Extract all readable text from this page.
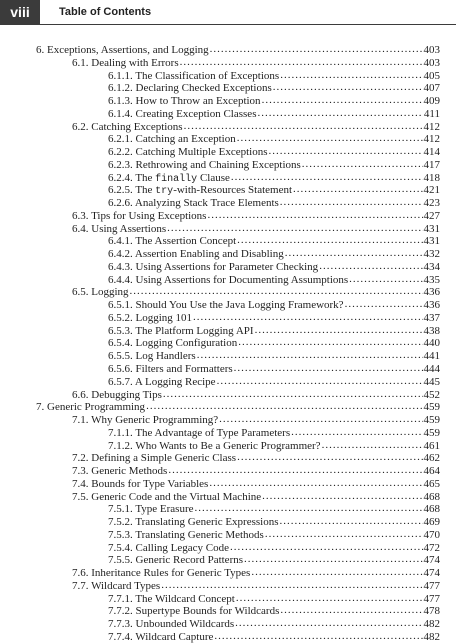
viii	Table of Contents
6. Exceptions, Assertions, and Logging .....	403
6.1. Dealing with Errors .....	403
6.1.1. The Classification of Exceptions .....	405
6.1.2. Declaring Checked Exceptions .....	407
6.1.3. How to Throw an Exception .....	409
6.1.4. Creating Exception Classes .....	411
6.2. Catching Exceptions .....	412
6.2.1. Catching an Exception .....	412
6.2.2. Catching Multiple Exceptions .....	414
6.2.3. Rethrowing and Chaining Exceptions .....	417
6.2.4. The finally Clause .....	418
6.2.5. The try-with-Resources Statement .....	421
6.2.6. Analyzing Stack Trace Elements .....	423
6.3. Tips for Using Exceptions .....	427
6.4. Using Assertions .....	431
6.4.1. The Assertion Concept .....	431
6.4.2. Assertion Enabling and Disabling .....	432
6.4.3. Using Assertions for Parameter Checking .....	434
6.4.4. Using Assertions for Documenting Assumptions .....	435
6.5. Logging .....	436
6.5.1. Should You Use the Java Logging Framework? .....	436
6.5.2. Logging 101 .....	437
6.5.3. The Platform Logging API .....	438
6.5.4. Logging Configuration .....	440
6.5.5. Log Handlers .....	441
6.5.6. Filters and Formatters .....	444
6.5.7. A Logging Recipe .....	445
6.6. Debugging Tips .....	452
7. Generic Programming .....	459
7.1. Why Generic Programming? .....	459
7.1.1. The Advantage of Type Parameters .....	459
7.1.2. Who Wants to Be a Generic Programmer? .....	461
7.2. Defining a Simple Generic Class .....	462
7.3. Generic Methods .....	464
7.4. Bounds for Type Variables .....	465
7.5. Generic Code and the Virtual Machine .....	468
7.5.1. Type Erasure .....	468
7.5.2. Translating Generic Expressions .....	469
7.5.3. Translating Generic Methods .....	470
7.5.4. Calling Legacy Code .....	472
7.5.5. Generic Record Patterns .....	474
7.6. Inheritance Rules for Generic Types .....	474
7.7. Wildcard Types .....	477
7.7.1. The Wildcard Concept .....	477
7.7.2. Supertype Bounds for Wildcards .....	478
7.7.3. Unbounded Wildcards .....	482
7.7.4. Wildcard Capture .....	482
